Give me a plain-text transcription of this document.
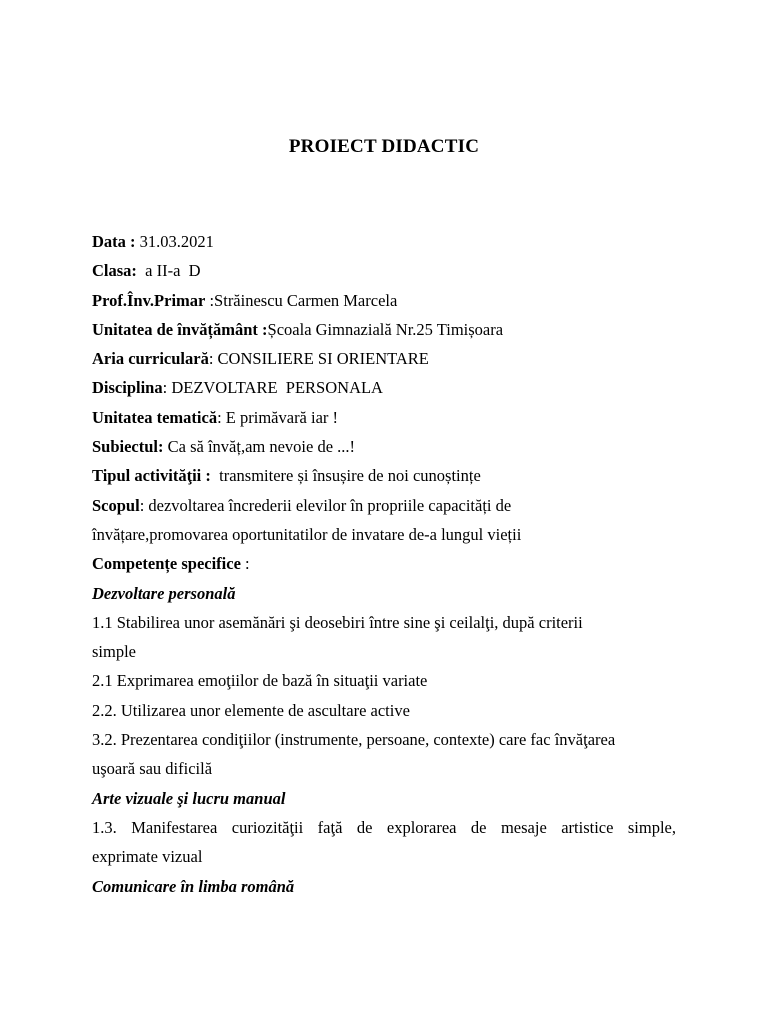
PROIECT DIDACTIC
Data : 31.03.2021
Clasa:  a II-a  D
Prof.Înv.Primar :Străinescu Carmen Marcela
Unitatea de învățământ :Școala Gimnazială Nr.25 Timișoara
Aria curriculară: CONSILIERE SI ORIENTARE
Disciplina: DEZVOLTARE  PERSONALA
Unitatea tematică: E primăvară iar !
Subiectul: Ca să învăț,am nevoie de ...!
Tipul activităţii :  transmitere și însușire de noi cunoștințe
Scopul: dezvoltarea încrederii elevilor în propriile capacități de
învățare,promovarea oportunitatilor de invatare de-a lungul vieții
Competențe specifice :
Dezvoltare personală
1.1 Stabilirea unor asemănări şi deosebiri între sine şi ceilalţi, după criterii
simple
2.1 Exprimarea emoţiilor de bază în situaţii variate
2.2. Utilizarea unor elemente de ascultare active
3.2. Prezentarea condiţiilor (instrumente, persoane, contexte) care fac învăţarea
uşoară sau dificilă
Arte vizuale şi lucru manual
1.3. Manifestarea curiozităţii faţă de explorarea de mesaje artistice simple,
exprimate vizual
Comunicare în limba română
